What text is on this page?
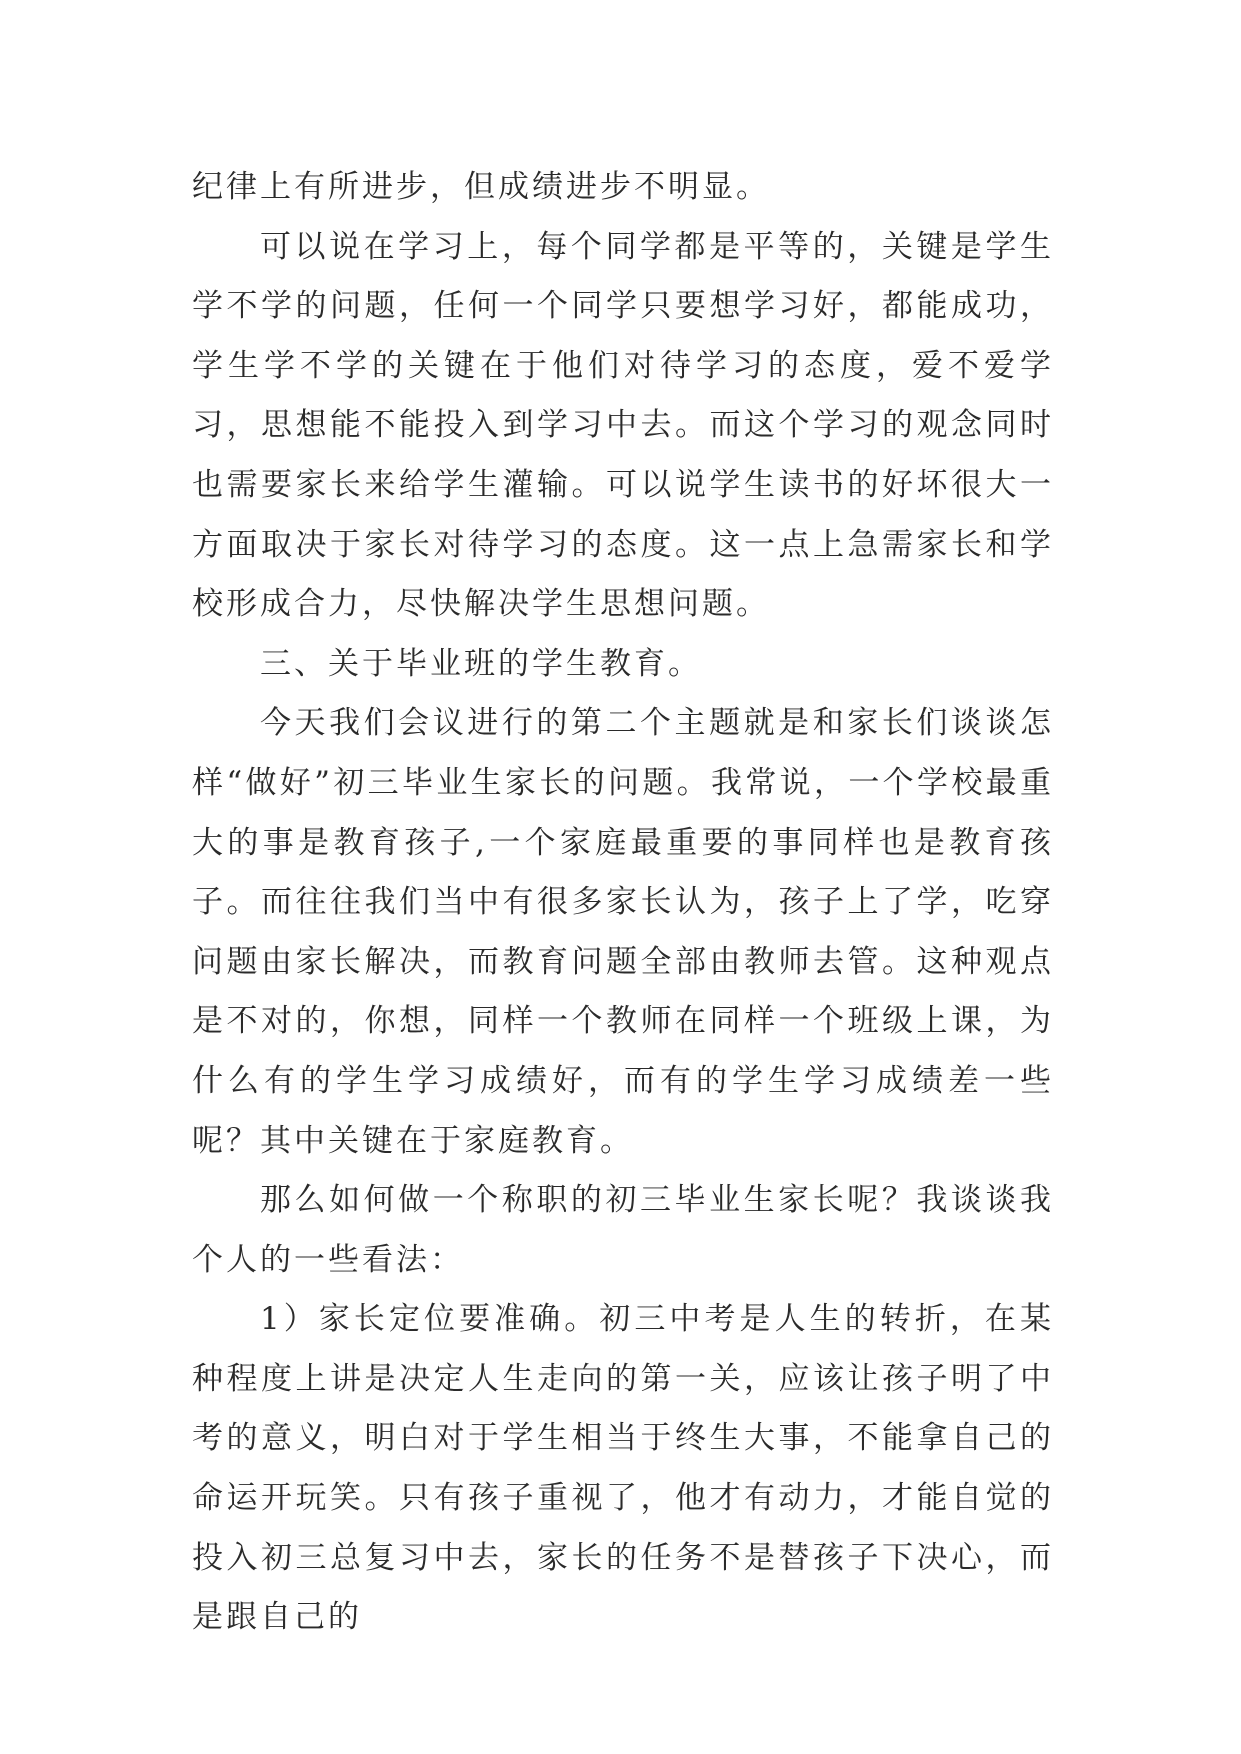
纪律上有所进步，但成绩进步不明显。

可以说在学习上，每个同学都是平等的，关键是学生学不学的问题，任何一个同学只要想学习好，都能成功，学生学不学的关键在于他们对待学习的态度，爱不爱学习，思想能不能投入到学习中去。而这个学习的观念同时也需要家长来给学生灌输。可以说学生读书的好坏很大一方面取决于家长对待学习的态度。这一点上急需家长和学校形成合力，尽快解决学生思想问题。

三、关于毕业班的学生教育。

今天我们会议进行的第二个主题就是和家长们谈谈怎样“做好”初三毕业生家长的问题。我常说，一个学校最重大的事是教育孩子,一个家庭最重要的事同样也是教育孩子。而往往我们当中有很多家长认为，孩子上了学，吃穿问题由家长解决，而教育问题全部由教师去管。这种观点是不对的，你想，同样一个教师在同样一个班级上课，为什么有的学生学习成绩好，而有的学生学习成绩差一些呢？其中关键在于家庭教育。

那么如何做一个称职的初三毕业生家长呢？我谈谈我个人的一些看法：

1）家长定位要准确。初三中考是人生的转折，在某种程度上讲是决定人生走向的第一关，应该让孩子明了中考的意义，明白对于学生相当于终生大事，不能拿自己的命运开玩笑。只有孩子重视了，他才有动力，才能自觉的投入初三总复习中去，家长的任务不是替孩子下决心，而是跟自己的
